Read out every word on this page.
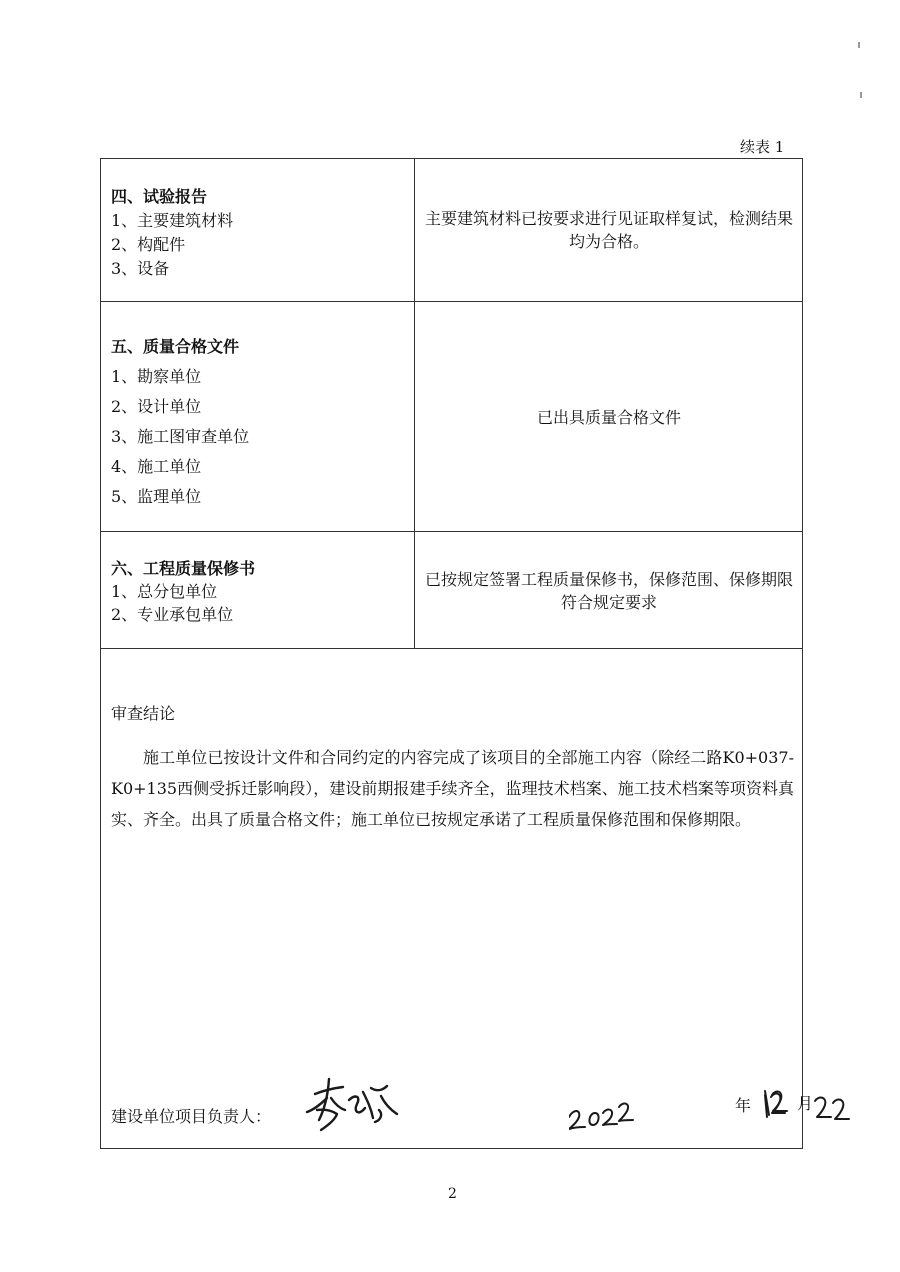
续表 1
四、试验报告
1、主要建筑材料
2、构配件
3、设备
主要建筑材料已按要求进行见证取样复试，检测结果均为合格。
五、质量合格文件
1、勘察单位
2、设计单位
3、施工图审查单位
4、施工单位
5、监理单位
已出具质量合格文件
六、工程质量保修书
1、总分包单位
2、专业承包单位
已按规定签署工程质量保修书，保修范围、保修期限符合规定要求
审查结论
施工单位已按设计文件和合同约定的内容完成了该项目的全部施工内容（除经二路K0+037-K0+135西侧受拆迁影响段），建设前期报建手续齐全，监理技术档案、施工技术档案等项资料真实、齐全。出具了质量合格文件；施工单位已按规定承诺了工程质量保修范围和保修期限。
建设单位项目负责人：
年	月
2
